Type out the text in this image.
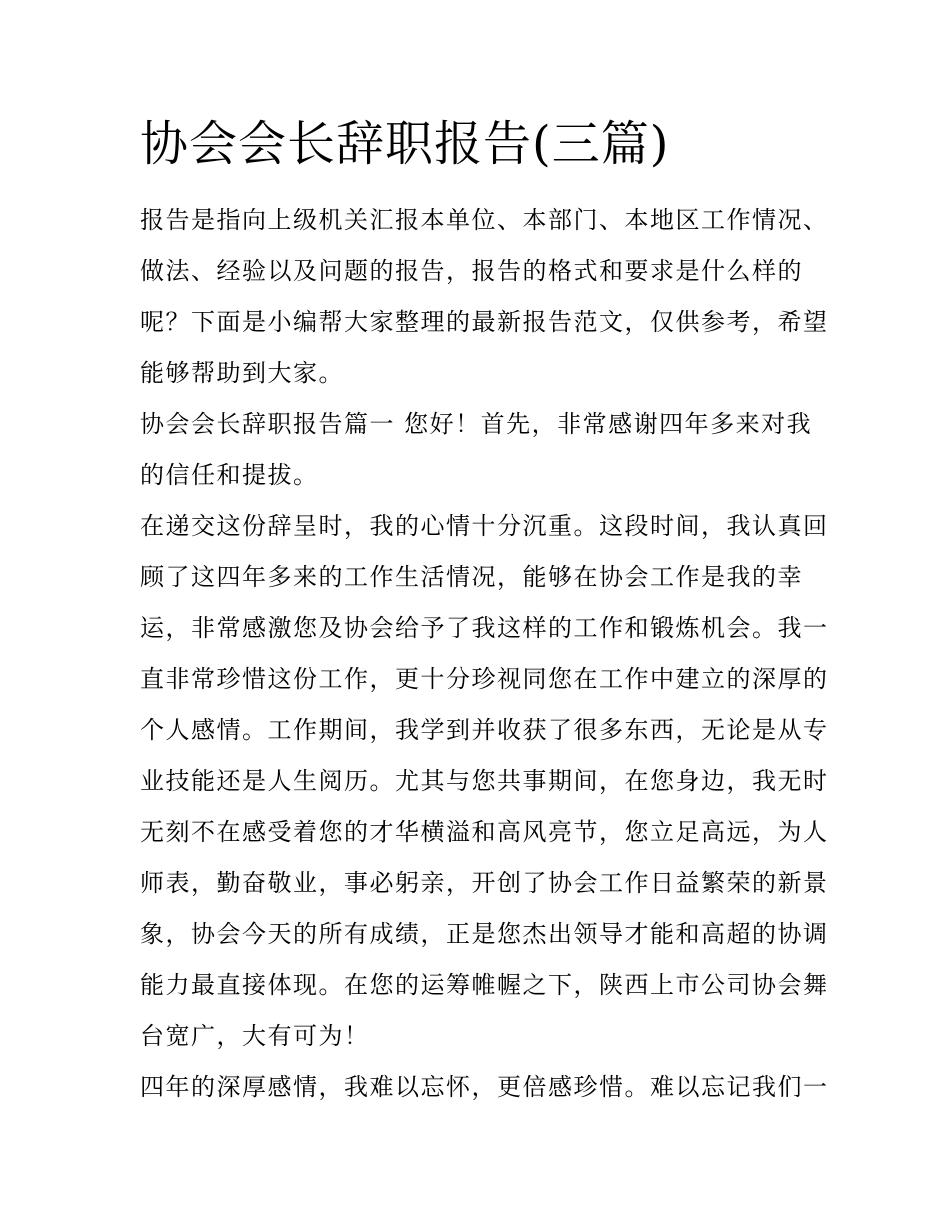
协会会长辞职报告(三篇)
报告是指向上级机关汇报本单位、本部门、本地区工作情况、
做法、经验以及问题的报告，报告的格式和要求是什么样的
呢？下面是小编帮大家整理的最新报告范文，仅供参考，希望
能够帮助到大家。
协会会长辞职报告篇一 您好！首先，非常感谢四年多来对我
的信任和提拔。
在递交这份辞呈时，我的心情十分沉重。这段时间，我认真回
顾了这四年多来的工作生活情况，能够在协会工作是我的幸
运，非常感激您及协会给予了我这样的工作和锻炼机会。我一
直非常珍惜这份工作，更十分珍视同您在工作中建立的深厚的
个人感情。工作期间，我学到并收获了很多东西，无论是从专
业技能还是人生阅历。尤其与您共事期间，在您身边，我无时
无刻不在感受着您的才华横溢和高风亮节，您立足高远，为人
师表，勤奋敬业，事必躬亲，开创了协会工作日益繁荣的新景
象，协会今天的所有成绩，正是您杰出领导才能和高超的协调
能力最直接体现。在您的运筹帷幄之下，陕西上市公司协会舞
台宽广，大有可为！
四年的深厚感情，我难以忘怀，更倍感珍惜。难以忘记我们一
